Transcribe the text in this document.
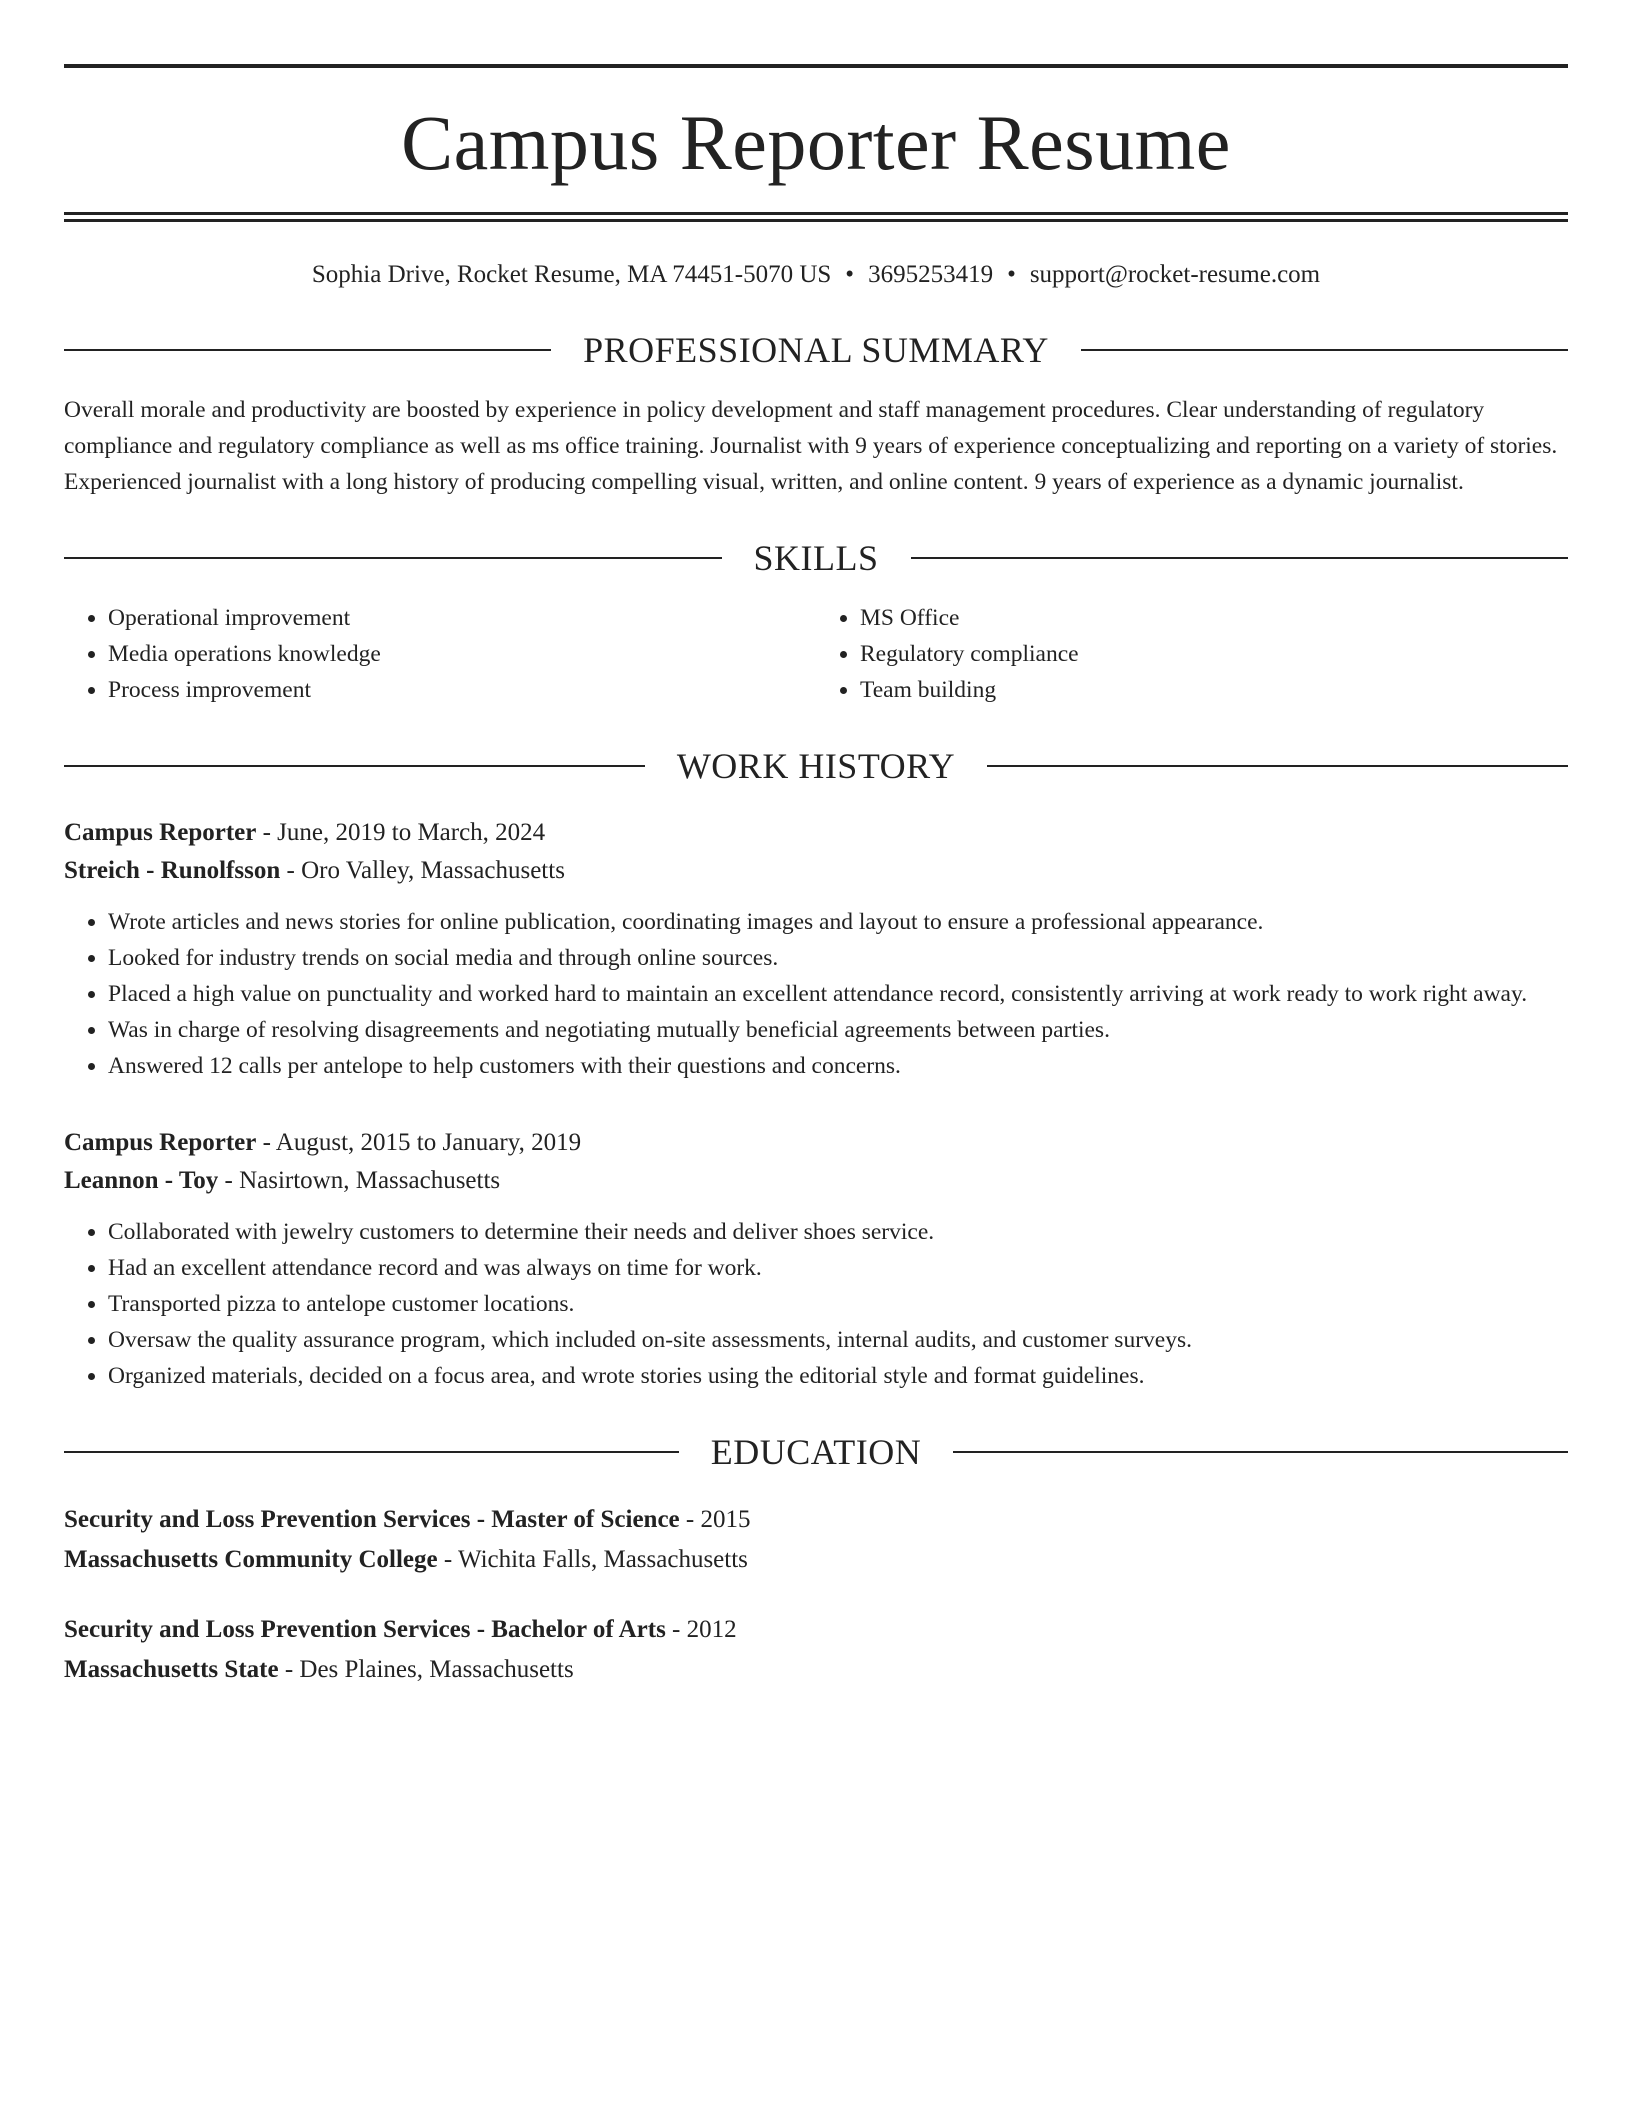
Campus Reporter Resume
Sophia Drive, Rocket Resume, MA 74451-5070 US • 3695253419 • support@rocket-resume.com
PROFESSIONAL SUMMARY
Overall morale and productivity are boosted by experience in policy development and staff management procedures. Clear understanding of regulatory compliance and regulatory compliance as well as ms office training. Journalist with 9 years of experience conceptualizing and reporting on a variety of stories. Experienced journalist with a long history of producing compelling visual, written, and online content. 9 years of experience as a dynamic journalist.
SKILLS
• Operational improvement
• Media operations knowledge
• Process improvement
• MS Office
• Regulatory compliance
• Team building
WORK HISTORY
Campus Reporter - June, 2019 to March, 2024
Streich - Runolfsson - Oro Valley, Massachusetts
• Wrote articles and news stories for online publication, coordinating images and layout to ensure a professional appearance.
• Looked for industry trends on social media and through online sources.
• Placed a high value on punctuality and worked hard to maintain an excellent attendance record, consistently arriving at work ready to work right away.
• Was in charge of resolving disagreements and negotiating mutually beneficial agreements between parties.
• Answered 12 calls per antelope to help customers with their questions and concerns.
Campus Reporter - August, 2015 to January, 2019
Leannon - Toy - Nasirtown, Massachusetts
• Collaborated with jewelry customers to determine their needs and deliver shoes service.
• Had an excellent attendance record and was always on time for work.
• Transported pizza to antelope customer locations.
• Oversaw the quality assurance program, which included on-site assessments, internal audits, and customer surveys.
• Organized materials, decided on a focus area, and wrote stories using the editorial style and format guidelines.
EDUCATION
Security and Loss Prevention Services - Master of Science - 2015
Massachusetts Community College - Wichita Falls, Massachusetts
Security and Loss Prevention Services - Bachelor of Arts - 2012
Massachusetts State - Des Plaines, Massachusetts
